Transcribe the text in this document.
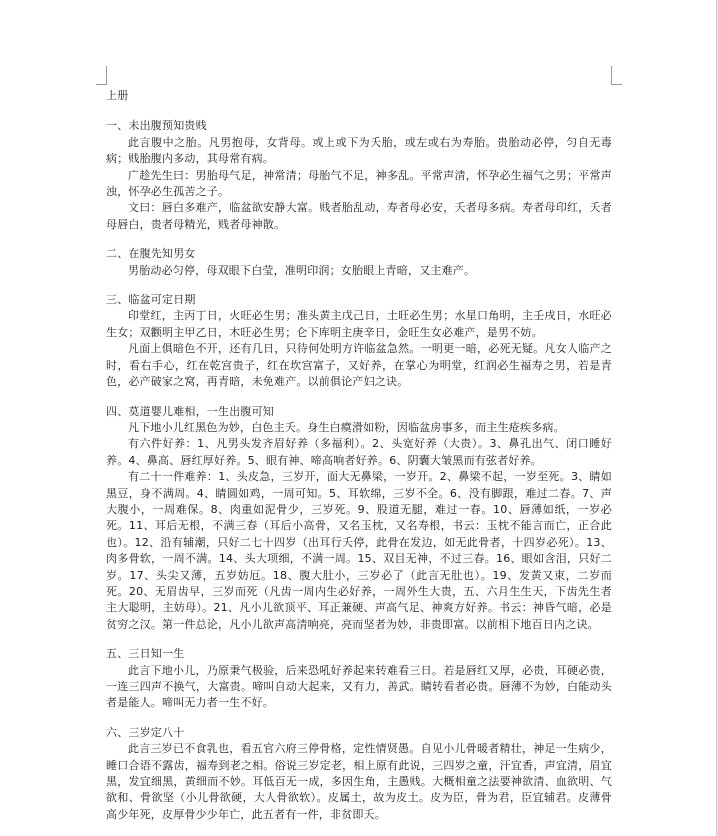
上册

一、未出腹预知贵贱

此言腹中之胎。凡男抱母，女背母。或上或下为夭胎，或左或右为寿胎。贵胎动必停，匀自无毒病；贱胎腹内多动，其母常有病。

广趁先生曰：男胎母气足，神常清；母胎气不足，神多乱。平常声清，怀孕必生福气之男；平常声浊，怀孕必生孤苦之子。

文曰：唇白多难产，临盆欲安静大富。贱者胎乱动，寿者母必安，夭者母多病。寿者母印红，夭者母唇白，贵者母精光，贱者母神散。

二、在腹先知男女

男胎动必匀停，母双眼下白莹，准明印润；女胎眼上青暗，又主难产。

三、临盆可定日期

印堂红，主丙丁日，火旺必生男；准头黄主戊己日，土旺必生男；水星口角明，主壬戌日，水旺必生女；双颧明主甲乙日，木旺必生男；仑下库明主庚辛日，金旺生女必难产，是男不妨。

凡面上俱暗色不开，还有几日，只待何处明方许临盆急然。一明更一暗，必死无疑。凡女人临产之时，看右手心，红在乾宫贵子，红在坎宫富子，又好养，在掌心为明堂，红润必生福寿之男，若是青色，必产破家之窝，再青暗，未免难产。以前俱论产妇之诀。

四、莫道婴儿难相，一生出腹可知

凡下地小儿红黑色为妙，白色主夭。身生白瘼滑如粉，因临盆房事多，而主生疮疾多病。

有六件好养：1、凡男头发齐眉好养（多福利）。2、头宽好养（大贵）。3、鼻孔出气、闭口睡好养。4、鼻高、唇红厚好养。5、眼有神、啼高响者好养。6、阴囊大皱黑而有弦者好养。

有二十一件难养：1、头皮急，三岁开，面大无鼻梁，一岁开。2、鼻梁不起，一岁至死。3、睛如黑豆，身不满周。4、睛圆如鸡，一周可知。5、耳软绵，三岁不全。6、没有脚跟，难过二春。7、声大腹小，一周难保。8、肉重如泥骨少，三岁死。9、股道无腿，难过一春。10、唇薄如纸，一岁必死。11、耳后无根，不满三春（耳后小高骨，又名玉枕，又名寿根，书云：玉枕不能言而亡，正合此也）。12、沿有辅潮，只好二七十四岁（出耳行夭停，此骨在发边，如无此骨者，十四岁必死）。13、肉多骨软，一周不满。14、头大项细，不满一周。15、双目无神，不过三春。16、眼如含泪，只好二岁。17、头尖又薄，五岁妨厄。18、腹大肚小，三岁必了（此言无肚也）。19、发黄又束，二岁而死。20、无眉齿早，三岁而死（凡齿一周内生必好养，一周外生大贵，五、六月生生天，下齿先生者主大聪明，主妨母）。21、凡小儿欲顶平、耳正兼硬、声高气足、神爽方好养。书云：神昏气暗，必是贫穷之汉。第一件总论，凡小儿欲声高清响亮，亮而坚者为妙，非贵即富。以前相下地百日内之诀。

五、三日知一生

此言下地小儿，乃原秉气极验，后来恐吼好养起来转难看三日。若是唇红又厚，必贵，耳硬必贵，一连三四声不换气，大富贵。啼叫自动大起来，又有力，善武。睛转看者必贵。唇薄不为妙，白能动头者是能人。啼叫无力者一生不好。

六、三岁定八十

此言三岁已不食乳也，看五官六府三停骨格，定性情贤愚。自见小儿骨暖者精壮，神足一生病少，睡口合语不露齿，福寿到老之相。俗说三岁定老，相上原有此说，三四岁之童，汗宜香，声宜清，眉宜黑，发宜细黑，黄细而不妙。耳低百无一成，多因生角，主愚贱。大概相童之法要神欲清、血欲明、气欲和、骨欲坚（小儿骨欲硬，大人骨欲软）。皮属土，故为皮土。皮为臣，骨为君，臣宜辅君。皮薄骨高少年死，皮厚骨少少年亡，此五者有一件，非贫即夭。
